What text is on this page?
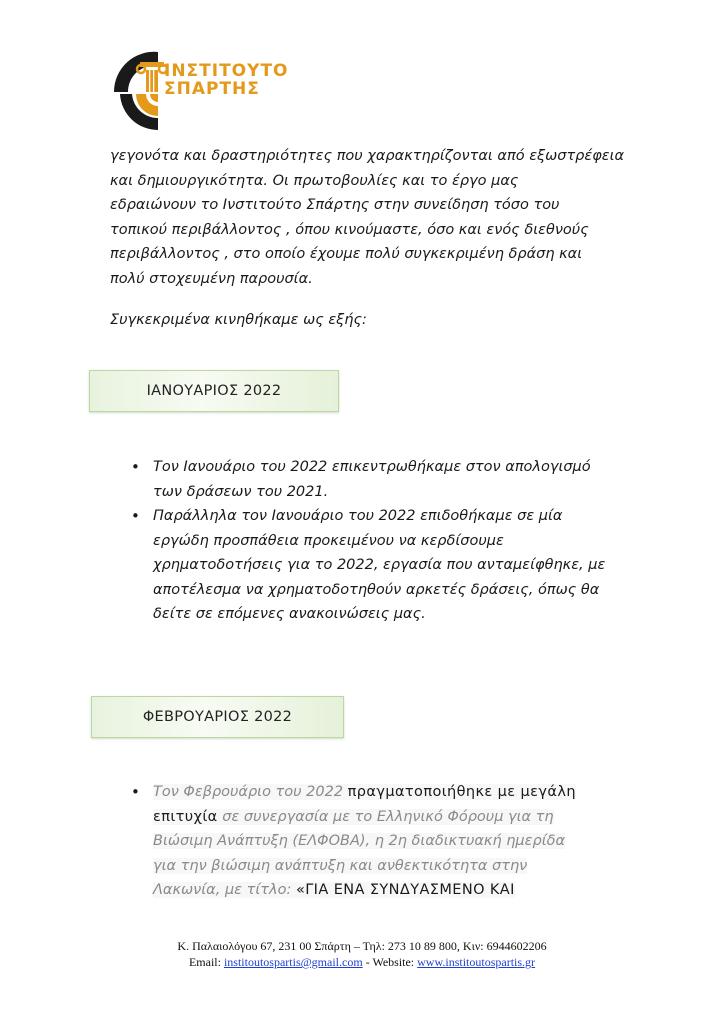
ΙΝΣΤΙΤΟΥΤΟ
ΣΠΑΡΤΗΣ

γεγονότα και δραστηριότητες που χαρακτηρίζονται από εξωστρέφεια

και δημιουργικότητα. Οι πρωτοβουλίες και το έργο μας

εδραιώνουν το Ινστιτούτο Σπάρτης στην συνείδηση τόσο του

τοπικού περιβάλλοντος , όπου κινούμαστε, όσο και ενός διεθνούς

περιβάλλοντος , στο οποίο έχουμε πολύ συγκεκριμένη δράση και

πολύ στοχευμένη παρουσία.

Συγκεκριμένα κινηθήκαμε ως εξής:

ΙΑΝΟΥΑΡΙΟΣ 2022
• Τον Ιανουάριο του 2022 επικεντρωθήκαμε στον απολογισμό
των δράσεων του 2021.
• Παράλληλα τον Ιανουάριο του 2022 επιδοθήκαμε σε μία
εργώδη προσπάθεια προκειμένου να κερδίσουμε
χρηματοδοτήσεις για το 2022, εργασία που ανταμείφθηκε, με
αποτέλεσμα να χρηματοδοτηθούν αρκετές δράσεις, όπως θα
δείτε σε επόμενες ανακοινώσεις μας.
ΦΕΒΡΟΥΑΡΙΟΣ 2022
• Τον Φεβρουάριο του 2022 πραγματοποιήθηκε με μεγάλη
επιτυχία σε συνεργασία με το Ελληνικό Φόρουμ για τη
Βιώσιμη Ανάπτυξη (ΕΛΦΟΒΑ), η 2η διαδικτυακή ημερίδα
για την βιώσιμη ανάπτυξη και ανθεκτικότητα στην
Λακωνία, με τίτλο: «ΓΙΑ ΕΝΑ ΣΥΝΔΥΑΣΜΕΝΟ ΚΑΙ
Κ. Παλαιολόγου 67, 231 00 Σπάρτη – Τηλ: 273 10 89 800, Κιν: 6944602206
Email: institoutospartis@gmail.com - Website: www.institoutospartis.gr
